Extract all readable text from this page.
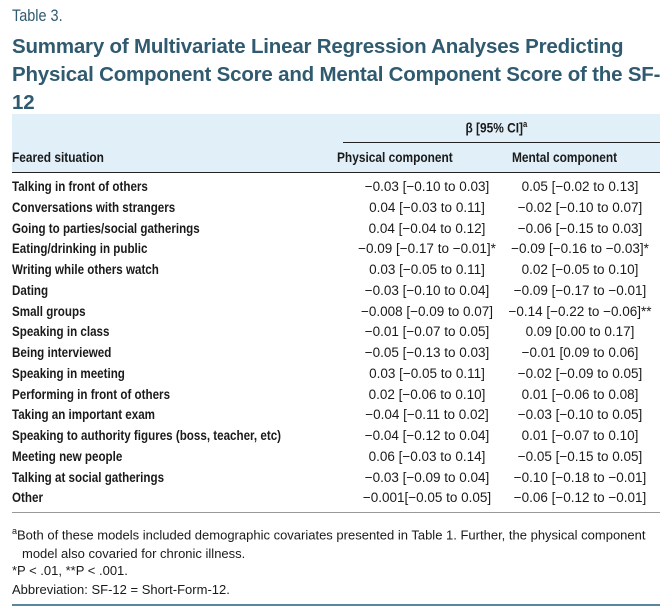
Table 3.
Summary of Multivariate Linear Regression Analyses Predicting Physical Component Score and Mental Component Score of the SF-12
β [95% CI]$^a$
Feared situation	Physical component	Mental component
Talking in front of others	−0.03 [−0.10 to 0.03]	0.05 [−0.02 to 0.13]
Conversations with strangers	0.04 [−0.03 to 0.11]	−0.02 [−0.10 to 0.07]
Going to parties/social gatherings	0.04 [−0.04 to 0.12]	−0.06 [−0.15 to 0.03]
Eating/drinking in public	−0.09 [−0.17 to −0.01]*	−0.09 [−0.16 to −0.03]*
Writing while others watch	0.03 [−0.05 to 0.11]	0.02 [−0.05 to 0.10]
Dating	−0.03 [−0.10 to 0.04]	−0.09 [−0.17 to −0.01]
Small groups	−0.008 [−0.09 to 0.07]	−0.14 [−0.22 to −0.06]**
Speaking in class	−0.01 [−0.07 to 0.05]	0.09 [0.00 to 0.17]
Being interviewed	−0.05 [−0.13 to 0.03]	−0.01 [0.09 to 0.06]
Speaking in meeting	0.03 [−0.05 to 0.11]	−0.02 [−0.09 to 0.05]
Performing in front of others	0.02 [−0.06 to 0.10]	0.01 [−0.06 to 0.08]
Taking an important exam	−0.04 [−0.11 to 0.02]	−0.03 [−0.10 to 0.05]
Speaking to authority figures (boss, teacher, etc)	−0.04 [−0.12 to 0.04]	0.01 [−0.07 to 0.10]
Meeting new people	0.06 [−0.03 to 0.14]	−0.05 [−0.15 to 0.05]
Talking at social gatherings	−0.03 [−0.09 to 0.04]	−0.10 [−0.18 to −0.01]
Other	−0.001[−0.05 to 0.05]	−0.06 [−0.12 to −0.01]
$^a$Both of these models included demographic covariates presented in Table 1. Further, the physical component model also covaried for chronic illness.
*P < .01, **P < .001.
Abbreviation: SF-12 = Short-Form-12.
